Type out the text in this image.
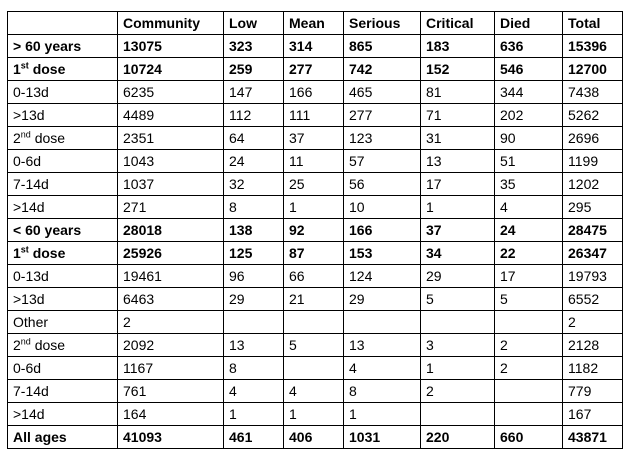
	Community	Low	Mean	Serious	Critical	Died	Total
> 60 years	13075	323	314	865	183	636	15396
1st dose	10724	259	277	742	152	546	12700
0-13d	6235	147	166	465	81	344	7438
>13d	4489	112	111	277	71	202	5262
2nd dose	2351	64	37	123	31	90	2696
0-6d	1043	24	11	57	13	51	1199
7-14d	1037	32	25	56	17	35	1202
>14d	271	8	1	10	1	4	295
< 60 years	28018	138	92	166	37	24	28475
1st dose	25926	125	87	153	34	22	26347
0-13d	19461	96	66	124	29	17	19793
>13d	6463	29	21	29	5	5	6552
Other	2						2
2nd dose	2092	13	5	13	3	2	2128
0-6d	1167	8		4	1	2	1182
7-14d	761	4	4	8	2		779
>14d	164	1	1	1			167
All ages	41093	461	406	1031	220	660	43871
